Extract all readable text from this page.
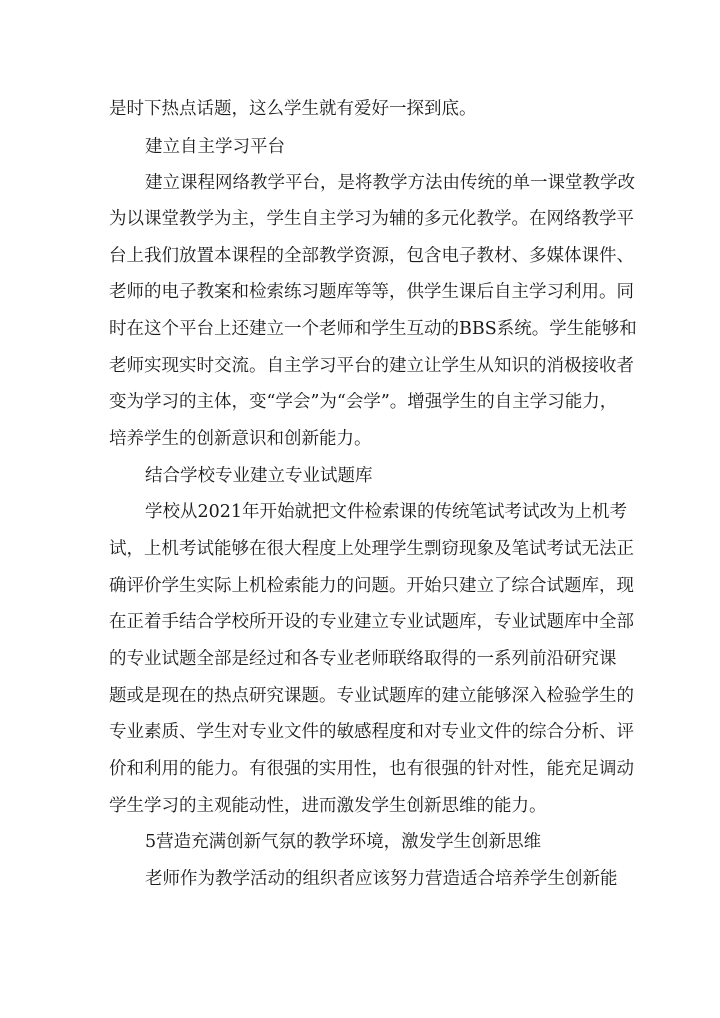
是时下热点话题，这么学生就有爱好一探到底。
建立自主学习平台
建立课程网络教学平台，是将教学方法由传统的单一课堂教学改
为以课堂教学为主，学生自主学习为辅的多元化教学。在网络教学平
台上我们放置本课程的全部教学资源，包含电子教材、多媒体课件、
老师的电子教案和检索练习题库等等，供学生课后自主学习利用。同
时在这个平台上还建立一个老师和学生互动的BBS系统。学生能够和
老师实现实时交流。自主学习平台的建立让学生从知识的消极接收者
变为学习的主体，变“学会”为“会学”。增强学生的自主学习能力，
培养学生的创新意识和创新能力。
结合学校专业建立专业试题库
学校从2021年开始就把文件检索课的传统笔试考试改为上机考
试，上机考试能够在很大程度上处理学生剽窃现象及笔试考试无法正
确评价学生实际上机检索能力的问题。开始只建立了综合试题库，现
在正着手结合学校所开设的专业建立专业试题库，专业试题库中全部
的专业试题全部是经过和各专业老师联络取得的一系列前沿研究课
题或是现在的热点研究课题。专业试题库的建立能够深入检验学生的
专业素质、学生对专业文件的敏感程度和对专业文件的综合分析、评
价和利用的能力。有很强的实用性，也有很强的针对性，能充足调动
学生学习的主观能动性，进而激发学生创新思维的能力。
5营造充满创新气氛的教学环境，激发学生创新思维
老师作为教学活动的组织者应该努力营造适合培养学生创新能
